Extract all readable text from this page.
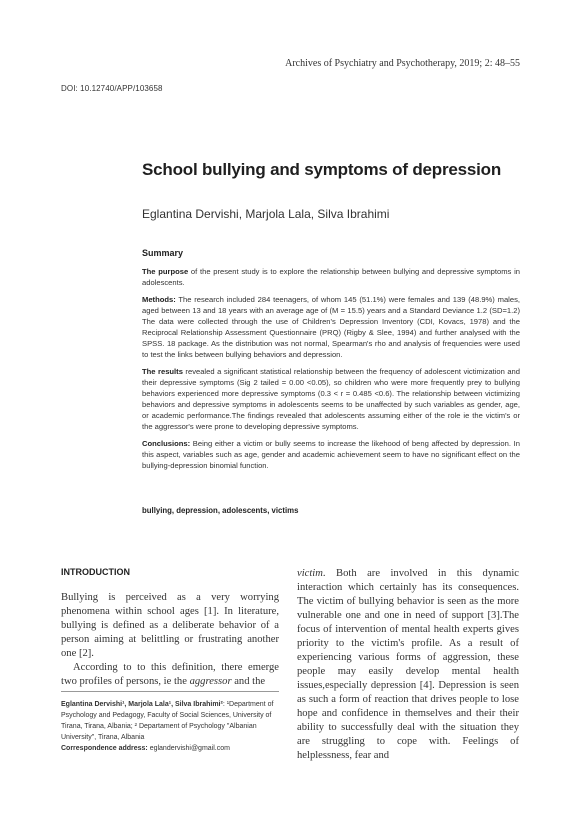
Archives of Psychiatry and Psychotherapy, 2019; 2: 48–55
DOI: 10.12740/APP/103658
School bullying and symptoms of depression
Eglantina Dervishi, Marjola Lala, Silva Ibrahimi
Summary

The purpose of the present study is to explore the relationship between bullying and depressive symptoms in adolescents.

Methods: The research included 284 teenagers, of whom 145 (51.1%) were females and 139 (48.9%) males, aged between 13 and 18 years with an average age of (M = 15.5) years and a Standard Deviance 1.2 (SD=1.2) The data were collected through the use of Children's Depression Inventory (CDI, Kovacs, 1978) and the Reciprocal Relationship Assessment Questionnaire (PRQ) (Rigby & Slee, 1994) and further analysed with the SPSS. 18 package. As the distribution was not normal, Spearman's rho and analysis of frequencies were used to test the links between bullying behaviors and depression.

The results revealed a significant statistical relationship between the frequency of adolescent victimization and their depressive symptoms (Sig 2 tailed = 0.00 <0.05), so children who were more frequently prey to bullying behaviors experienced more depressive symptoms (0.3 < r = 0.485 <0.6). The relationship between victimizing behaviors and depressive symptoms in adolescents seems to be unaffected by such variables as gender, age, or academic performance.The findings revealed that adolescents assuming either of the role ie the victim's or the aggressor's were prone to developing depressive symptoms.

Conclusions: Being either a victim or bully seems to increase the likehood of beng affected by depression. In this aspect, variables such as age, gender and academic achievement seem to have no significant effect on the bullying-depression binomial function.

bullying, depression, adolescents, victims
INTRODUCTION

Bullying is perceived as a very worrying phenomena within school ages [1]. In literature, bullying is defined as a deliberate behavior of a person aiming at belittling or frustrating another one [2].

According to to this definition, there emerge two profiles of persons, ie the aggressor and the

Eglantina Dervishi¹, Marjola Lala¹, Silva Ibrahimi²: ¹Department of Psychology and Pedagogy, Faculty of Social Sciences, University of Tirana, Tirana, Albania; ² Departament of Psychology "Albanian University", Tirana, Albania

Correspondence address: eglandervishi@gmail.com

victim. Both are involved in this dynamic interaction which certainly has its consequences. The victim of bullying behavior is seen as the more vulnerable one and one in need of support [3].The focus of intervention of mental health experts gives priority to the victim's profile. As a result of experiencing various forms of aggression, these people may easily develop mental health issues,especially depression [4]. Depression is seen as such a form of reaction that drives people to lose hope and confidence in themselves and their their ability to successfully deal with the situation they are struggling to cope with. Feelings of helplessness, fear and
